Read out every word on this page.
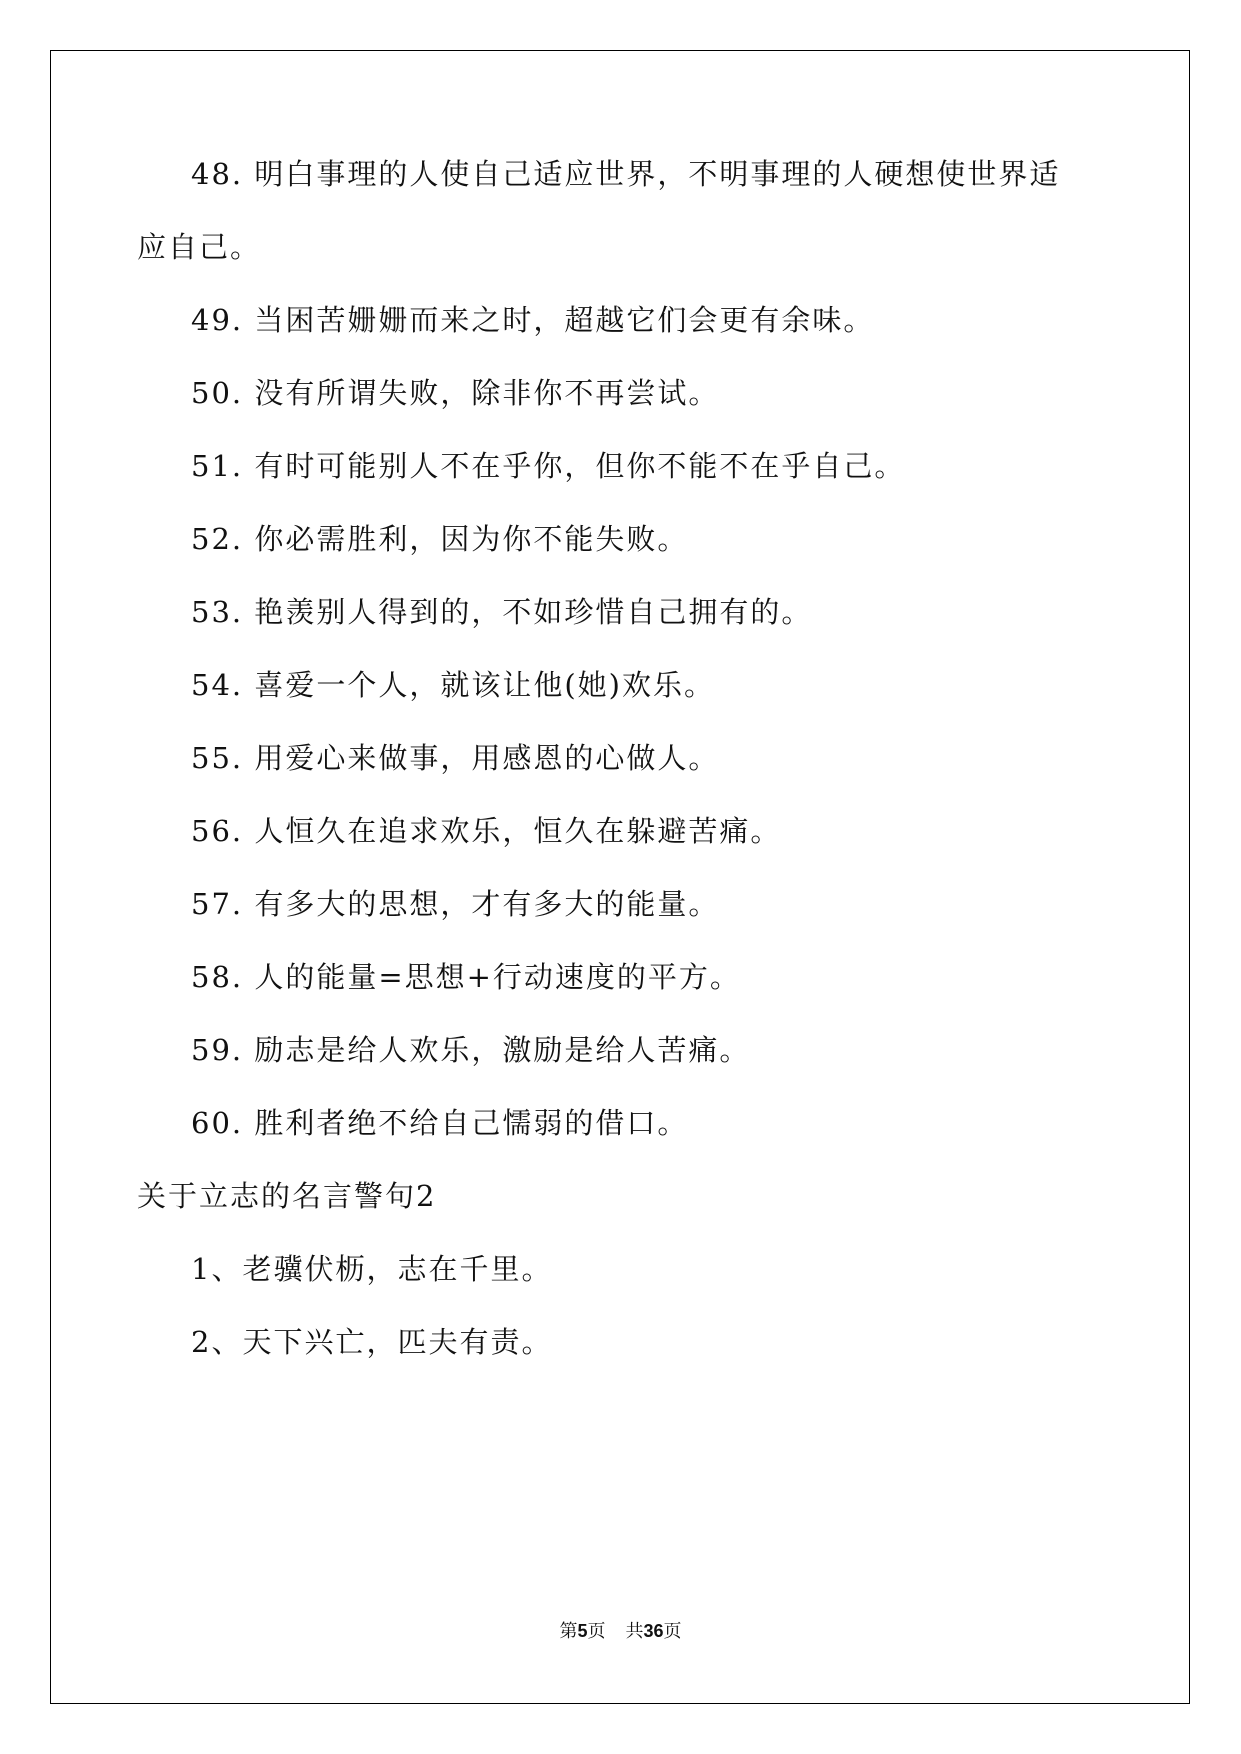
48. 明白事理的人使自己适应世界，不明事理的人硬想使世界适
应自己。
49. 当困苦姗姗而来之时，超越它们会更有余味。
50. 没有所谓失败，除非你不再尝试。
51. 有时可能别人不在乎你，但你不能不在乎自己。
52. 你必需胜利，因为你不能失败。
53. 艳羡别人得到的，不如珍惜自己拥有的。
54. 喜爱一个人，就该让他(她)欢乐。
55. 用爱心来做事，用感恩的心做人。
56. 人恒久在追求欢乐，恒久在躲避苦痛。
57. 有多大的思想，才有多大的能量。
58. 人的能量=思想+行动速度的平方。
59. 励志是给人欢乐，激励是给人苦痛。
60. 胜利者绝不给自己懦弱的借口。
关于立志的名言警句2
1、老骥伏枥，志在千里。
2、天下兴亡，匹夫有责。
第5页 共36页
